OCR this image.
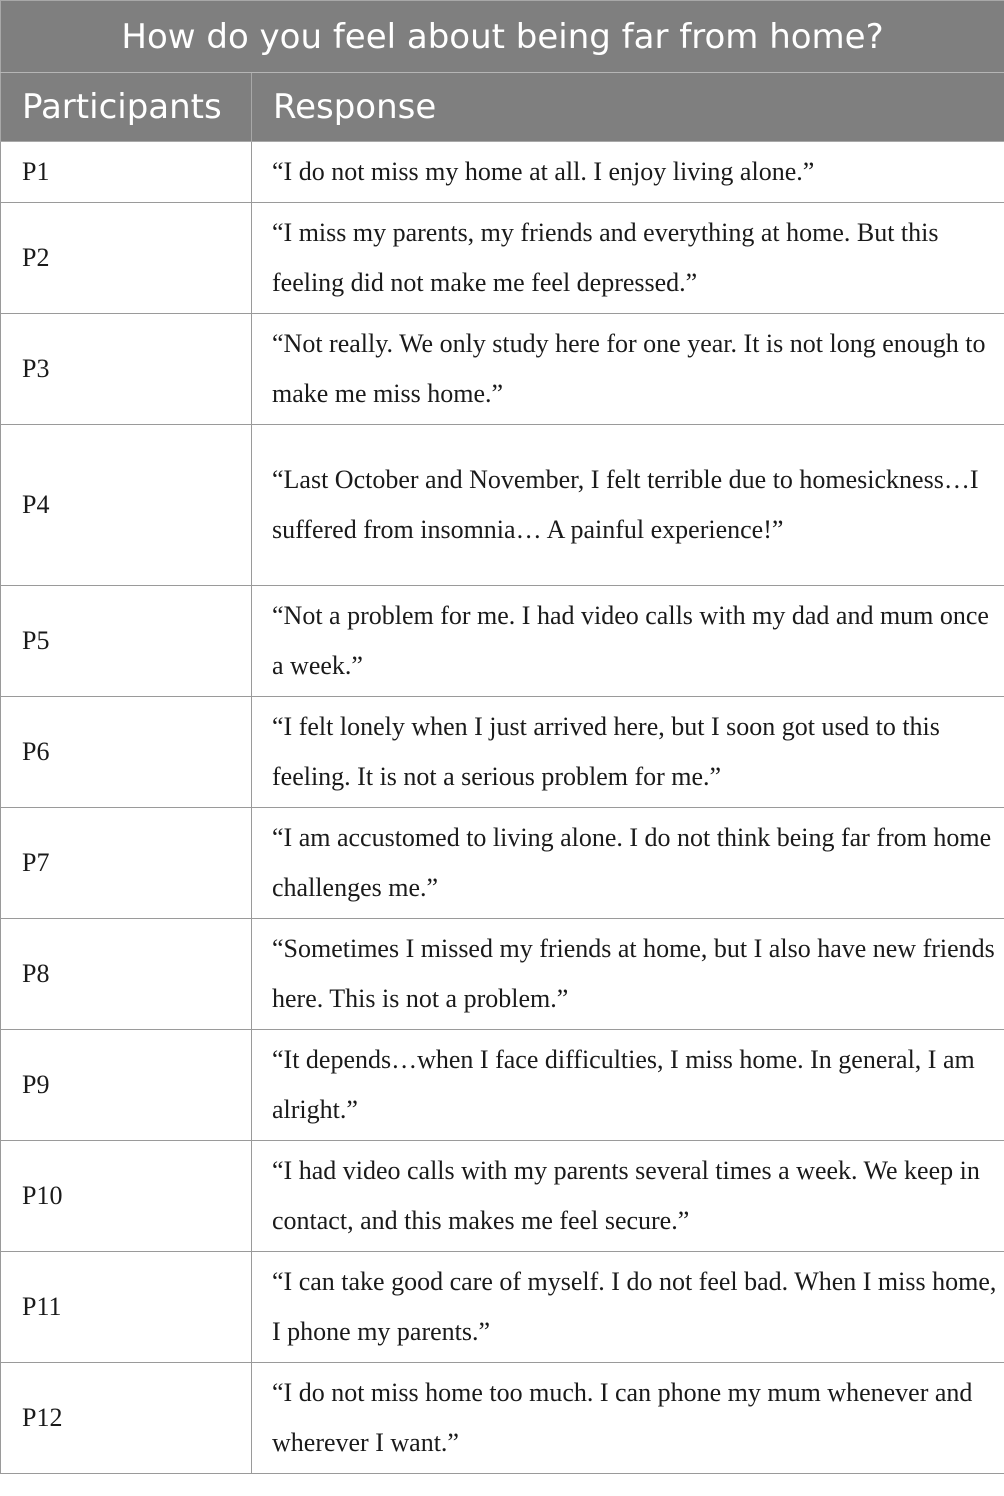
How do you feel about being far from home?	
Participants	Response
P1	“I do not miss my home at all. I enjoy living alone.”
P2	“I miss my parents, my friends and everything at home. But this feeling did not make me feel depressed.”
P3	“Not really. We only study here for one year. It is not long enough to make me miss home.”
P4	“Last October and November, I felt terrible due to homesickness…I suffered from insomnia… A painful experience!”
P5	“Not a problem for me. I had video calls with my dad and mum once a week.”
P6	“I felt lonely when I just arrived here, but I soon got used to this feeling. It is not a serious problem for me.”
P7	“I am accustomed to living alone. I do not think being far from home challenges me.”
P8	“Sometimes I missed my friends at home, but I also have new friends here. This is not a problem.”
P9	“It depends…when I face difficulties, I miss home. In general, I am alright.”
P10	“I had video calls with my parents several times a week. We keep in contact, and this makes me feel secure.”
P11	“I can take good care of myself. I do not feel bad. When I miss home, I phone my parents.”
P12	“I do not miss home too much. I can phone my mum whenever and wherever I want.”
